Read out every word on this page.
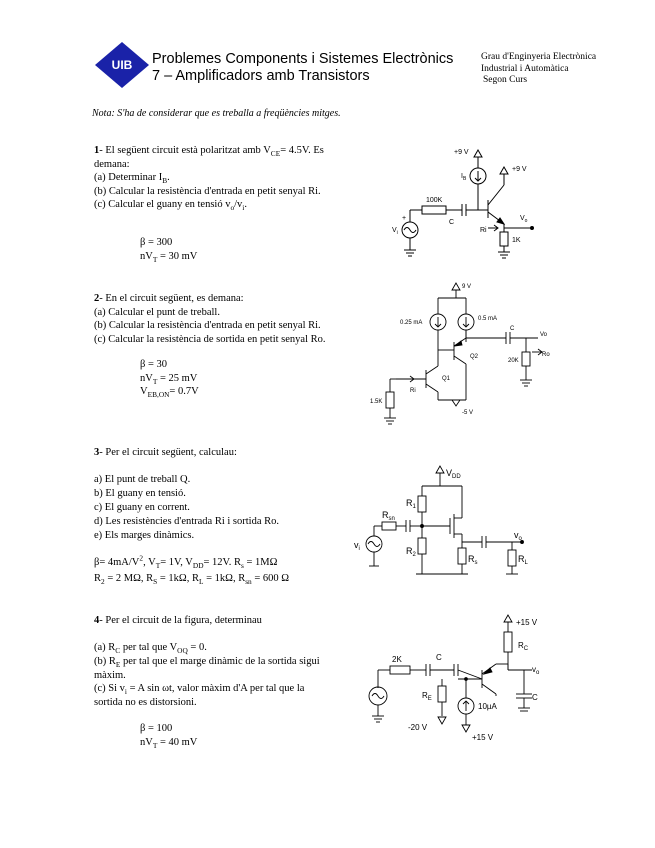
UIB Problemes Components i Sistemes Electrònics
7 – Amplificadors amb Transistors
Grau d'Enginyeria Electrònica
Industrial i Automàtica
Segon Curs
Nota: S'ha de considerar que es treballa a freqüències mitges.
1- El següent circuit està polaritzat amb $V_{CE}= 4.5V$. Es
demana:
(a) Determinar $I_B$.
(b) Calcular la resistència d'entrada en petit senyal Ri.
(c) Calcular el guany en tensió $v_o/v_i$.
β = 300
$nV_T = 30$ mV
+9 V
+9 V
$I_B$
100K
C
Ri
1K
$V_o$
$V_i$
+
2- En el circuit següent, es demana:
(a) Calcular el punt de treball.
(b) Calcular la resistència d'entrada en petit senyal Ri.
(c) Calcular la resistència de sortida en petit senyal Ro.
β = 30
$nV_T = 25$ mV
$V_{EB,ON}= 0.7V$
9 V
0.25 mA
0.5 mA
C
Vo
Q2
Q1
20K
Ro
1.5K
Ri
-5 V
3- Per el circuit següent, calculau:
a) El punt de treball Q.
b) El guany en tensió.
c) El guany en corrent.
d) Les resistències d'entrada Ri i sortida Ro.
e) Els marges dinàmics.
$\beta= 4mA/V^2$, $V_T= 1V$, $V_{DD}= 12V$. $R_s = 1M\Omega$
$R_2 = 2$ MΩ, $R_S = 1k\Omega$, $R_L = 1k\Omega$, $R_{sn} = 600$ Ω
$V_{DD}$
$R_1$
$R_{sn}$
$R_2$	$R_s$	$R_L$
$v_o$
$v_i$
4- Per el circuit de la figura, determinau
(a) $R_C$ per tal que $V_{OQ} = 0$.
(b) $R_E$ per tal que el marge dinàmic de la sortida sigui
màxim.
(c) Si $v_i = A$ sin ωt, valor màxim d'A per tal que la
sortida no es distorsioni.
β = 100
$nV_T = 40$ mV
+15 V
$R_C$
2K	C
$v_o$
$R_E$	C
10µA
-20 V
+15 V
